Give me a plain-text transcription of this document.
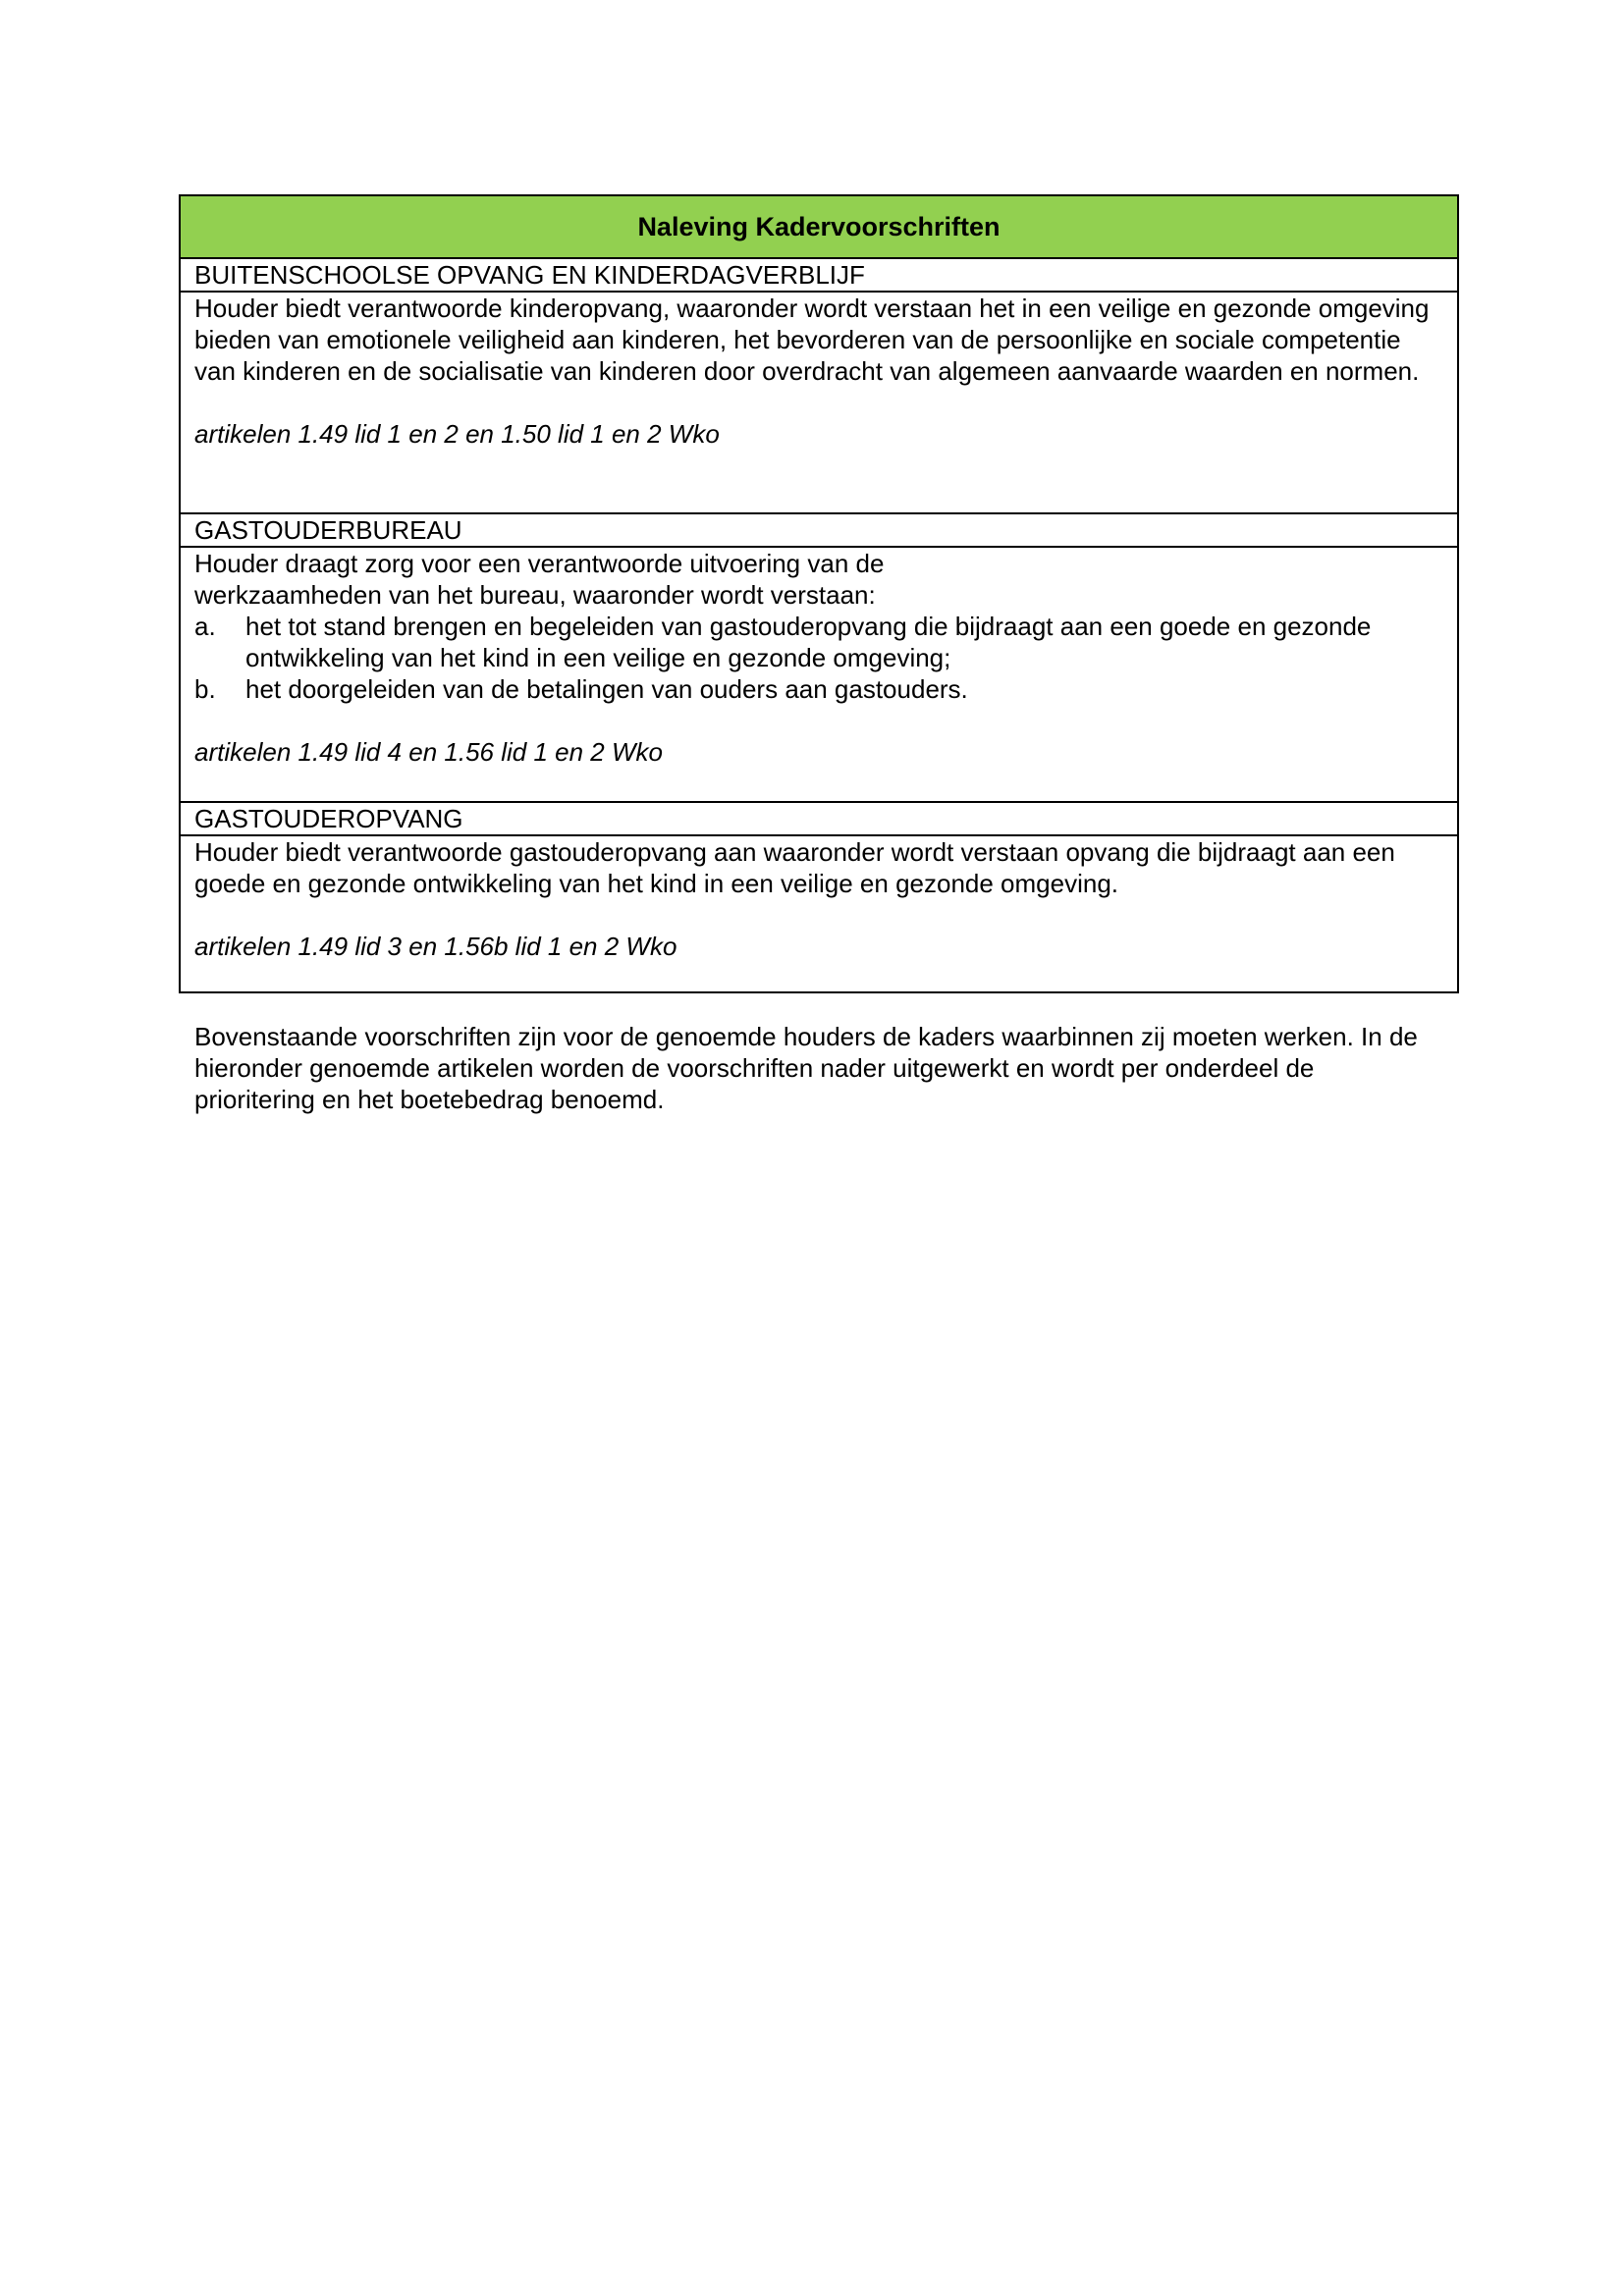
Naleving Kadervoorschriften
BUITENSCHOOLSE OPVANG EN KINDERDAGVERBLIJF

Houder biedt verantwoorde kinderopvang, waaronder wordt verstaan het in een veilige en gezonde omgeving bieden van emotionele veiligheid aan kinderen, het bevorderen van de persoonlijke en sociale competentie van kinderen en de socialisatie van kinderen door overdracht van algemeen aanvaarde waarden en normen.

artikelen 1.49 lid 1 en 2 en 1.50 lid 1 en 2 Wko

GASTOUDERBUREAU

Houder draagt zorg voor een verantwoorde uitvoering van de

werkzaamheden van het bureau, waaronder wordt verstaan:

a.	het tot stand brengen en begeleiden van gastouderopvang die bijdraagt aan een goede en gezonde ontwikkeling van het kind in een veilige en gezonde omgeving;
b.	het doorgeleiden van de betalingen van ouders aan gastouders.

artikelen 1.49 lid 4 en 1.56 lid 1 en 2 Wko

GASTOUDEROPVANG

Houder biedt verantwoorde gastouderopvang aan waaronder wordt verstaan opvang die bijdraagt aan een goede en gezonde ontwikkeling van het kind in een veilige en gezonde omgeving.

artikelen 1.49 lid 3 en 1.56b lid 1 en 2 Wko

Bovenstaande voorschriften zijn voor de genoemde houders de kaders waarbinnen zij moeten werken. In de hieronder genoemde artikelen worden de voorschriften nader uitgewerkt en wordt per onderdeel de prioritering en het boetebedrag benoemd.
